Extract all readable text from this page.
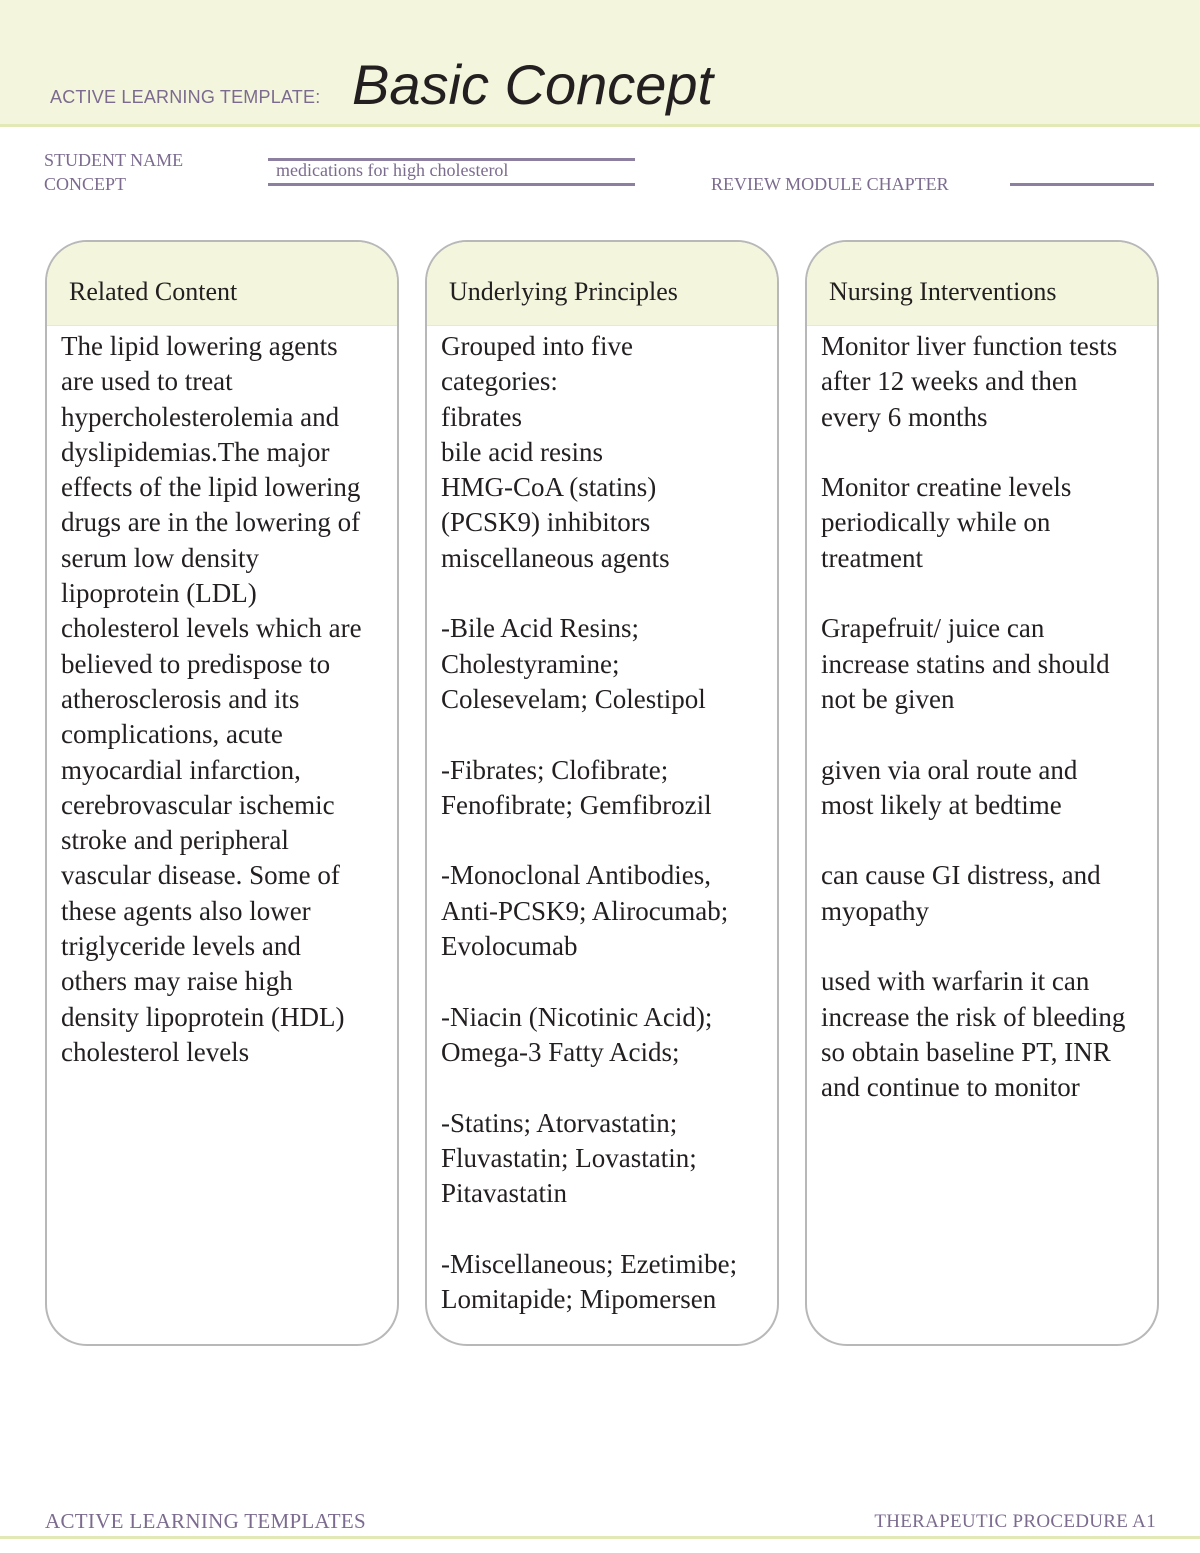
ACTIVE LEARNING TEMPLATE: Basic Concept
STUDENT NAME
CONCEPT
medications for high cholesterol
REVIEW MODULE CHAPTER
Related Content
The lipid lowering agents
are used to treat
hypercholesterolemia and
dyslipidemias.The major
effects of the lipid lowering
drugs are in the lowering of
serum low density
lipoprotein (LDL)
cholesterol levels which are
believed to predispose to
atherosclerosis and its
complications, acute
myocardial infarction,
cerebrovascular ischemic
stroke and peripheral
vascular disease. Some of
these agents also lower
triglyceride levels and
others may raise high
density lipoprotein (HDL)
cholesterol levels
Underlying Principles
Grouped into five
categories:
fibrates
bile acid resins
HMG-CoA (statins)
(PCSK9) inhibitors
miscellaneous agents

-Bile Acid Resins;
Cholestyramine;
Colesevelam; Colestipol

-Fibrates; Clofibrate;
Fenofibrate; Gemfibrozil

-Monoclonal Antibodies,
Anti-PCSK9; Alirocumab;
Evolocumab

-Niacin (Nicotinic Acid);
Omega-3 Fatty Acids;

-Statins; Atorvastatin;
Fluvastatin; Lovastatin;
Pitavastatin

-Miscellaneous; Ezetimibe;
Lomitapide; Mipomersen
Nursing Interventions
Monitor liver function tests
after 12 weeks and then
every 6 months

Monitor creatine levels
periodically while on
treatment

Grapefruit/ juice can
increase statins and should
not be given

given via oral route and
most likely at bedtime

can cause GI distress, and
myopathy

used with warfarin it can
increase the risk of bleeding
so obtain baseline PT, INR
and continue to monitor
ACTIVE LEARNING TEMPLATES	THERAPEUTIC PROCEDURE A1
